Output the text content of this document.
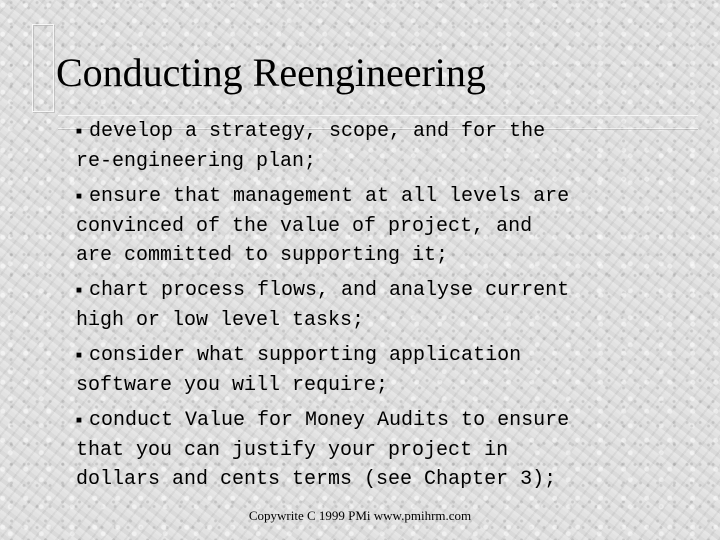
Conducting Reengineering
■ develop a strategy, scope, and for the
re-engineering plan;
■ ensure that management at all levels are
convinced of the value of project, and
are committed to supporting it;
■ chart process flows, and analyse current
high or low level tasks;
■ consider what supporting application
software you will require;
■ conduct Value for Money Audits to ensure
that you can justify your project in
dollars and cents terms (see Chapter 3);
Copywrite C 1999 PMi www.pmihrm.com
